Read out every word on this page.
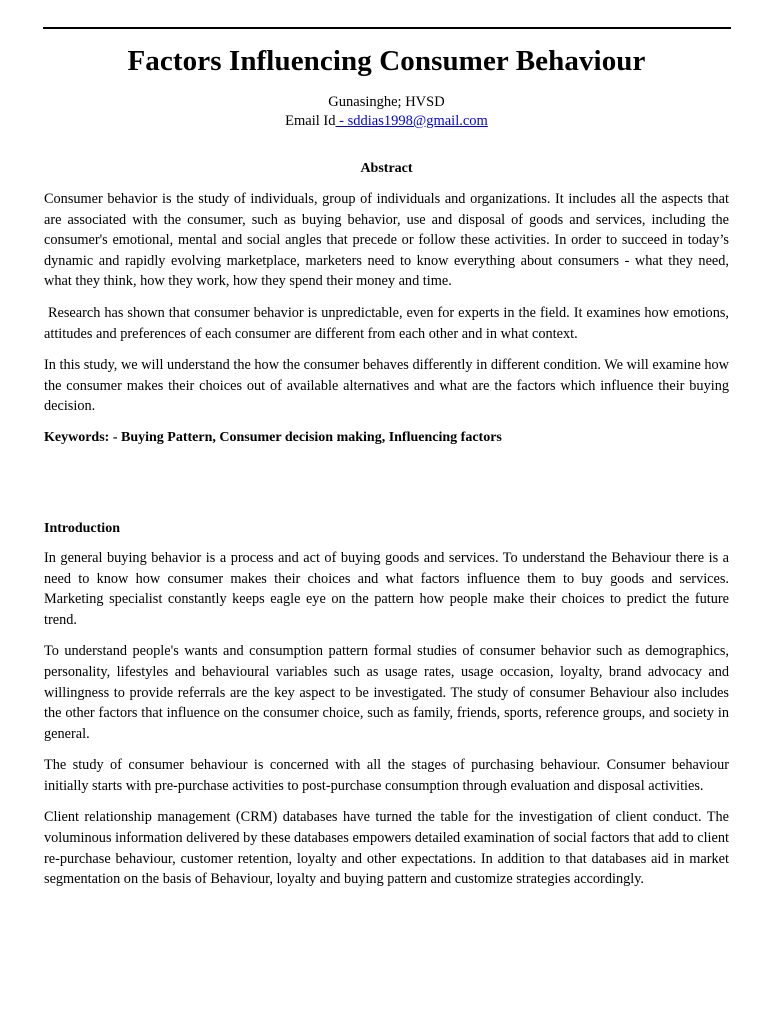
Factors Influencing Consumer Behaviour
Gunasinghe; HVSD
Email Id - sddias1998@gmail.com
Abstract

Consumer behavior is the study of individuals, group of individuals and organizations. It includes all the aspects that are associated with the consumer, such as buying behavior, use and disposal of goods and services, including the consumer's emotional, mental and social angles that precede or follow these activities. In order to succeed in today’s dynamic and rapidly evolving marketplace, marketers need to know everything about consumers - what they need, what they think, how they work, how they spend their money and time.

Research has shown that consumer behavior is unpredictable, even for experts in the field. It examines how emotions, attitudes and preferences of each consumer are different from each other and in what context.

In this study, we will understand the how the consumer behaves differently in different condition. We will examine how the consumer makes their choices out of available alternatives and what are the factors which influence their buying decision.

Keywords: - Buying Pattern, Consumer decision making, Influencing factors
Introduction

In general buying behavior is a process and act of buying goods and services. To understand the Behaviour there is a need to know how consumer makes their choices and what factors influence them to buy goods and services. Marketing specialist constantly keeps eagle eye on the pattern how people make their choices to predict the future trend.

To understand people's wants and consumption pattern formal studies of consumer behavior such as demographics, personality, lifestyles and behavioural variables such as usage rates, usage occasion, loyalty, brand advocacy and willingness to provide referrals are the key aspect to be investigated. The study of consumer Behaviour also includes the other factors that influence on the consumer choice, such as family, friends, sports, reference groups, and society in general.

The study of consumer behaviour is concerned with all the stages of purchasing behaviour. Consumer behaviour initially starts with pre-purchase activities to post-purchase consumption through evaluation and disposal activities.

Client relationship management (CRM) databases have turned the table for the investigation of client conduct. The voluminous information delivered by these databases empowers detailed examination of social factors that add to client re-purchase behaviour, customer retention, loyalty and other expectations. In addition to that databases aid in market segmentation on the basis of Behaviour, loyalty and buying pattern and customize strategies accordingly.
